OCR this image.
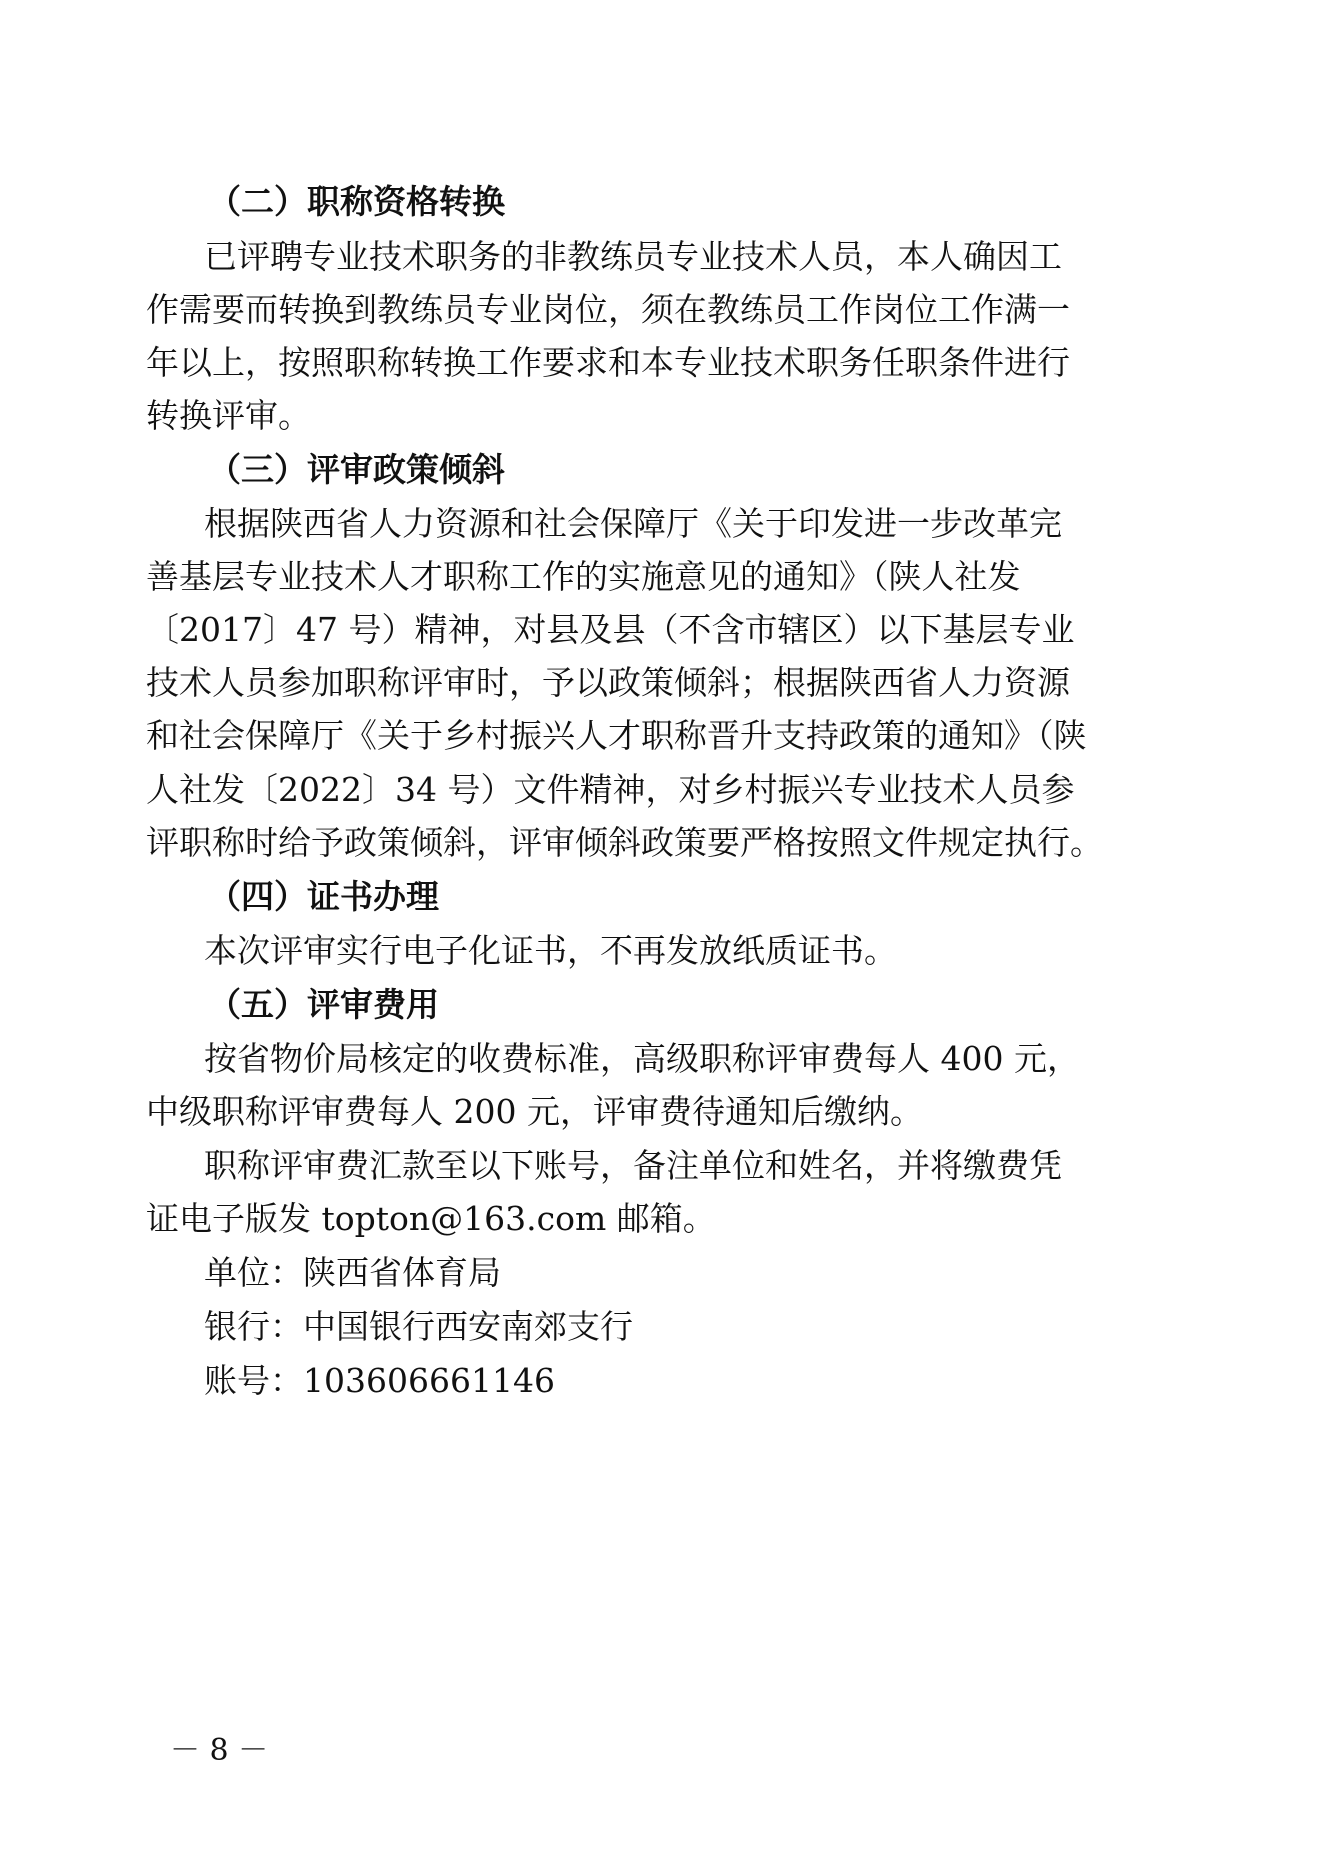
（二）职称资格转换
已评聘专业技术职务的非教练员专业技术人员，本人确因工
作需要而转换到教练员专业岗位，须在教练员工作岗位工作满一
年以上，按照职称转换工作要求和本专业技术职务任职条件进行
转换评审。
（三）评审政策倾斜
根据陕西省人力资源和社会保障厅《关于印发进一步改革完
善基层专业技术人才职称工作的实施意见的通知》（陕人社发
〔2017〕47 号）精神，对县及县（不含市辖区）以下基层专业
技术人员参加职称评审时，予以政策倾斜；根据陕西省人力资源
和社会保障厅《关于乡村振兴人才职称晋升支持政策的通知》（陕
人社发〔2022〕34 号）文件精神，对乡村振兴专业技术人员参
评职称时给予政策倾斜，评审倾斜政策要严格按照文件规定执行。
（四）证书办理
本次评审实行电子化证书，不再发放纸质证书。
（五）评审费用
按省物价局核定的收费标准，高级职称评审费每人 400 元，
中级职称评审费每人 200 元，评审费待通知后缴纳。
职称评审费汇款至以下账号，备注单位和姓名，并将缴费凭
证电子版发 topton@163.com 邮箱。
单位：陕西省体育局
银行：中国银行西安南郊支行
账号：103606661146
－ 8 －
